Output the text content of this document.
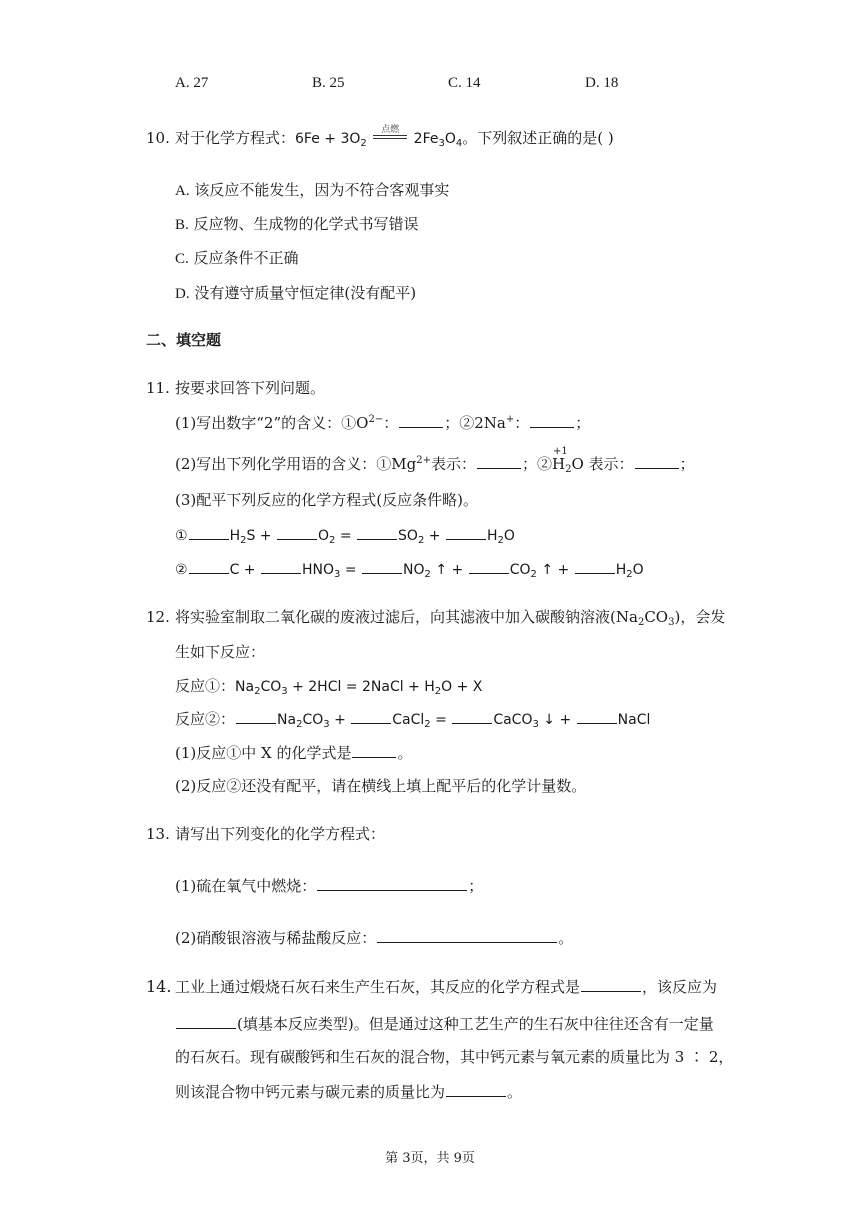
A. 27	B. 25	C. 14	D. 18
10. 对于化学方程式：$6Fe + 3O_2$
点燃
$2Fe_3O_4$。下列叙述正确的是( )
A. 该反应不能发生，因为不符合客观事实
B. 反应物、生成物的化学式书写错误
C. 反应条件不正确
D. 没有遵守质量守恒定律(没有配平)
二、填空题
11. 按要求回答下列问题。
(1)写出数字“2”的含义：$①O^{2-}$：	；②2Na+：	；
(2)写出下列化学用语的含义：$①Mg^{2+}$表示：	；②
+1
$H_2O$ 表示：	；
(3)配平下列反应的化学方程式(反应条件略)。
①	$H_2S$ +	$O_2$ =	$SO_2$ +	$H_2O$
②	C +	$HNO_3$ =	$NO_2$ ↑ +	$CO_2$ ↑ +	$H_2O$
12. 将实验室制取二氧化碳的废液过滤后，向其滤液中加入碳酸钠溶液$(Na_2CO_3)$，会发
生如下反应：
反应①：$Na_2CO_3 + 2HCl$ = 2NaCl + $H_2O + X$
反应②：	$Na_2CO_3$ +	CaCl$_2$ =	CaCO$_3$ ↓ +	NaCl
(1)反应①中 X 的化学式是	。
(2)反应②还没有配平，请在横线上填上配平后的化学计量数。
13. 请写出下列变化的化学方程式：
(1)硫在氧气中燃烧：	；
(2)硝酸银溶液与稀盐酸反应：	。
14. 工业上通过煅烧石灰石来生产生石灰，其反应的化学方程式是	，该反应为
(填基本反应类型)。但是通过这种工艺生产的生石灰中往往还含有一定量
的石灰石。现有碳酸钙和生石灰的混合物，其中钙元素与氧元素的质量比为 3 ∶ 2，
则该混合物中钙元素与碳元素的质量比为	。
第 3页，共 9页
